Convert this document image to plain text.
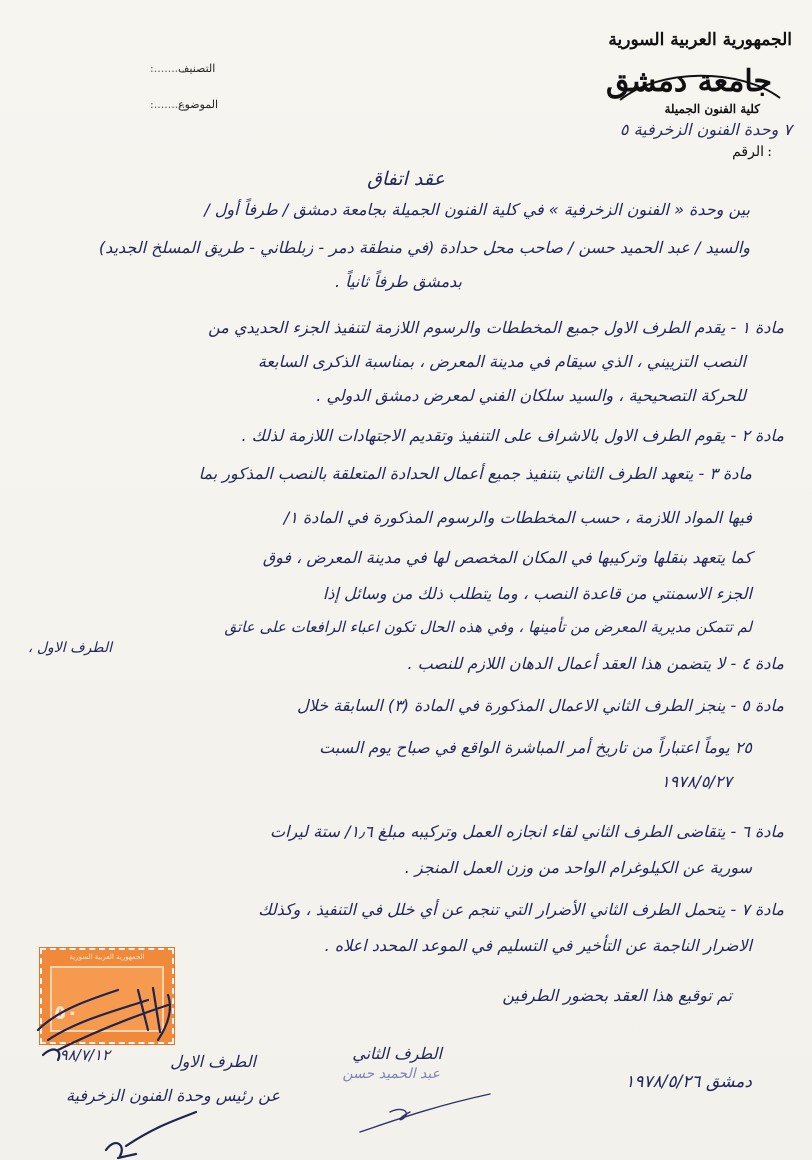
الجمهورية العربية السورية
جامعة دمشق
كلية الفنون الجميلة
٧ وحدة الفنون الزخرفية ٥
الرقم :
التصنيف
:..........
الموضوع
:..........
عقد اتفاق
بين وحدة « الفنون الزخرفية » في كلية الفنون الجميلة بجامعة دمشق / طرفاً أول /
والسيد / عبد الحميد حسن / صاحب محل حدادة (في منطقة دمر - زبلطاني - طريق المسلخ الجديد)
بدمشق طرفاً ثانياً .
مادة ١ - يقدم الطرف الاول جميع المخططات والرسوم اللازمة لتنفيذ الجزء الحديدي من
النصب التزييني ، الذي سيقام في مدينة المعرض ، بمناسبة الذكرى السابعة
للحركة التصحيحية ، والسيد سلكان الفني لمعرض دمشق الدولي .
مادة ٢ - يقوم الطرف الاول بالاشراف على التنفيذ وتقديم الاجتهادات اللازمة لذلك .
مادة ٣ - يتعهد الطرف الثاني بتنفيذ جميع أعمال الحدادة المتعلقة بالنصب المذكور بما
فيها المواد اللازمة ، حسب المخططات والرسوم المذكورة في المادة ١/
كما يتعهد بنقلها وتركيبها في المكان المخصص لها في مدينة المعرض ، فوق
الجزء الاسمنتي من قاعدة النصب ، وما يتطلب ذلك من وسائل إذا
لم تتمكن مديرية المعرض من تأمينها ، وفي هذه الحال تكون اعباء الرافعات على عاتق
الطرف الاول ،
مادة ٤ - لا يتضمن هذا العقد أعمال الدهان اللازم للنصب .
مادة ٥ - ينجز الطرف الثاني الاعمال المذكورة في المادة (٣) السابقة خلال
٢٥ يوماً اعتباراً من تاريخ أمر المباشرة الواقع في صباح يوم السبت
١٩٧٨/٥/٢٧
مادة ٦ - يتقاضى الطرف الثاني لقاء انجازه العمل وتركيبه مبلغ ١٫٦/ ستة ليرات
سورية عن الكيلوغرام الواحد من وزن العمل المنجز .
مادة ٧ - يتحمل الطرف الثاني الأضرار التي تنجم عن أي خلل في التنفيذ ، وكذلك
الاضرار الناجمة عن التأخير في التسليم في الموعد المحدد اعلاه .
تم توقيع هذا العقد بحضور الطرفين
الجمهورية العربية السورية
٥٠
٩٨/٧/١٢	الطرف الثاني
عبد الحميد حسن
الطرف الاول
عن رئيس وحدة الفنون الزخرفية
دمشق ١٩٧٨/٥/٢٦
